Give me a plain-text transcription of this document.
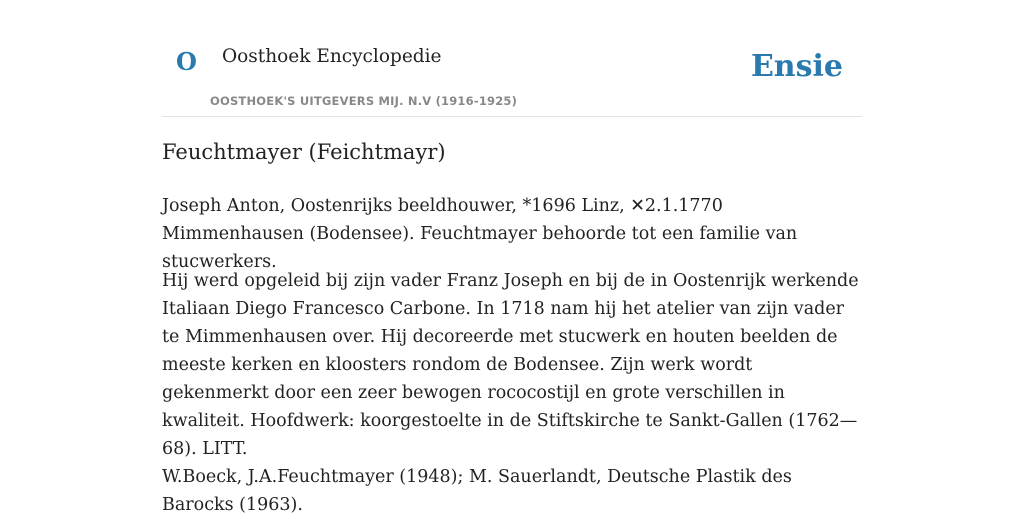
O Oosthoek Encyclopedie
OOSTHOEK'S UITGEVERS MIJ. N.V (1916-1925)
Ensie
Feuchtmayer (Feichtmayr)
Joseph Anton, Oostenrijks beeldhouwer, *1696 Linz, ✕2.1.1770 Mimmenhausen (Bodensee). Feuchtmayer behoorde tot een familie van stucwerkers.
Hij werd opgeleid bij zijn vader Franz Joseph en bij de in Oostenrijk werkende Italiaan Diego Francesco Carbone. In 1718 nam hij het atelier van zijn vader te Mimmenhausen over. Hij decoreerde met stucwerk en houten beelden de meeste kerken en kloosters rondom de Bodensee. Zijn werk wordt gekenmerkt door een zeer bewogen rococostijl en grote verschillen in kwaliteit. Hoofdwerk: koorgestoelte in de Stiftskirche te Sankt-Gallen (1762—68). LITT.
W.Boeck, J.A.Feuchtmayer (1948); M. Sauerlandt, Deutsche Plastik des Barocks (1963).
